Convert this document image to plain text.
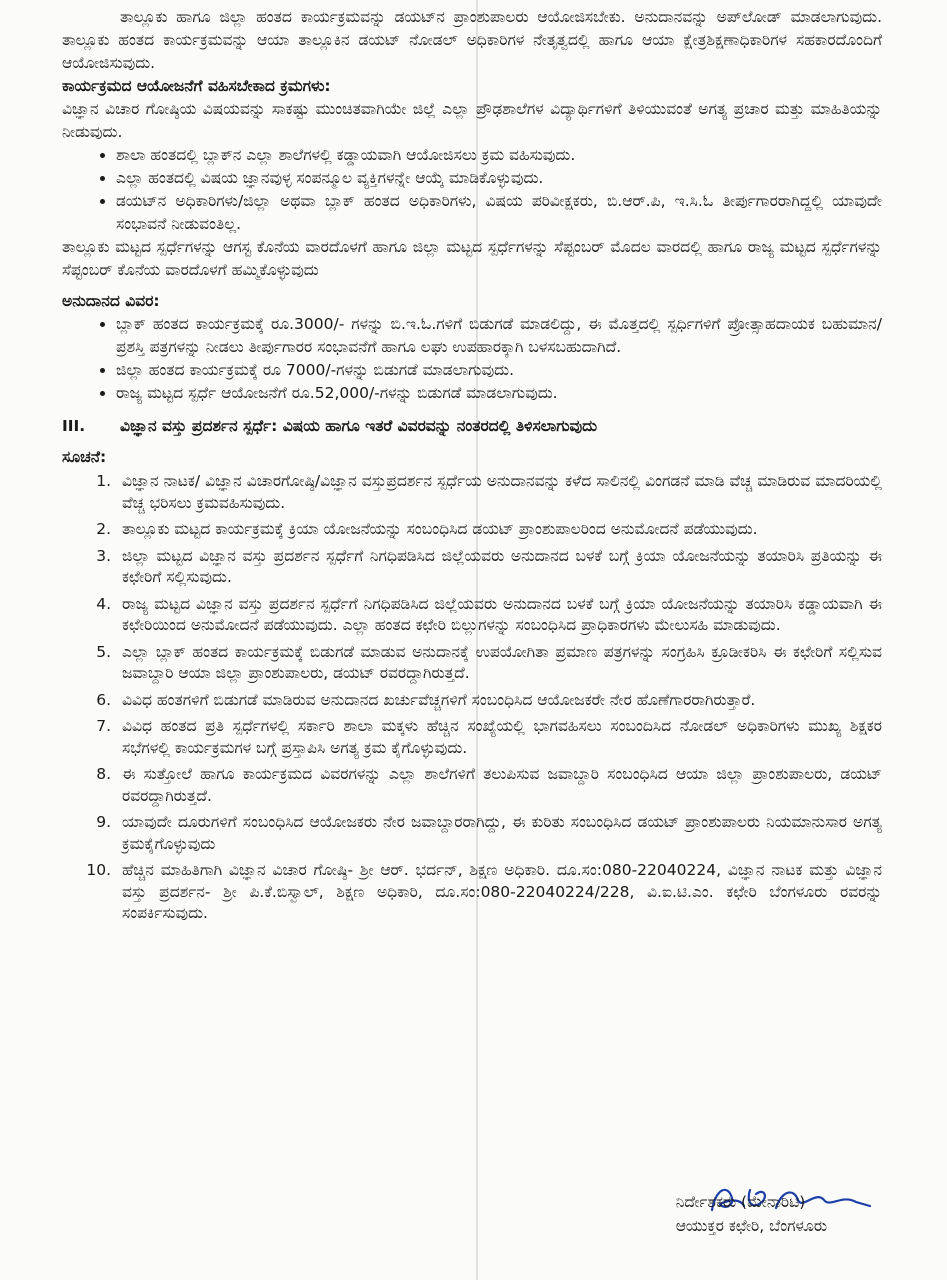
ತಾಲ್ಲೂಕು ಹಾಗೂ ಜಿಲ್ಲಾ ಹಂತದ ಕಾರ್ಯಕ್ರಮವನ್ನು ಡಯಟ್‌ನ ಪ್ರಾಂಶುಪಾಲರು ಆಯೋಜಿಸಬೇಕು. ಅನುದಾನವನ್ನು ಅಪ್‌ಲೋಡ್ ಮಾಡಲಾಗುವುದು. ತಾಲ್ಲೂಕು ಹಂತದ ಕಾರ್ಯಕ್ರಮವನ್ನು ಆಯಾ ತಾಲ್ಲೂಕಿನ ಡಯಟ್ ನೋಡಲ್ ಅಧಿಕಾರಿಗಳ ನೇತೃತ್ವದಲ್ಲಿ ಹಾಗೂ ಆಯಾ ಕ್ಷೇತ್ರಶಿಕ್ಷಣಾಧಿಕಾರಿಗಳ ಸಹಕಾರದೊಂದಿಗೆ ಆಯೋಜಿಸುವುದು.

ಕಾರ್ಯಕ್ರಮದ ಆಯೋಜನೆಗೆ ವಹಿಸಬೇಕಾದ ಕ್ರಮಗಳು:

ವಿಜ್ಞಾನ ವಿಚಾರ ಗೋಷ್ಠಿಯ ವಿಷಯವನ್ನು ಸಾಕಷ್ಟು ಮುಂಚಿತವಾಗಿಯೇ ಜಿಲ್ಲೆ ಎಲ್ಲಾ ಪ್ರೌಢಶಾಲೆಗಳ ವಿದ್ಯಾರ್ಥಿಗಳಿಗೆ ತಿಳಿಯುವಂತೆ ಅಗತ್ಯ ಪ್ರಚಾರ ಮತ್ತು ಮಾಹಿತಿಯನ್ನು ನೀಡುವುದು.

• ಶಾಲಾ ಹಂತದಲ್ಲಿ ಬ್ಲಾಕ್‌ನ ಎಲ್ಲಾ ಶಾಲೆಗಳಲ್ಲಿ ಕಡ್ಡಾಯವಾಗಿ ಆಯೋಜಿಸಲು ಕ್ರಮ ವಹಿಸುವುದು.
• ಎಲ್ಲಾ ಹಂತದಲ್ಲಿ ವಿಷಯ ಜ್ಞಾನವುಳ್ಳ ಸಂಪನ್ಮೂಲ ವ್ಯಕ್ತಿಗಳನ್ನೇ ಆಯ್ಕೆ ಮಾಡಿಕೊಳ್ಳುವುದು.
• ಡಯಟ್‌ನ ಅಧಿಕಾರಿಗಳು/ಜಿಲ್ಲಾ ಅಥವಾ ಬ್ಲಾಕ್ ಹಂತದ ಅಧಿಕಾರಿಗಳು, ವಿಷಯ ಪರಿವೀಕ್ಷಕರು, ಬಿ.ಆರ್.ಪಿ, ಇ.ಸಿ.ಓ ತೀರ್ಪುಗಾರರಾಗಿದ್ದಲ್ಲಿ ಯಾವುದೇ ಸಂಭಾವನೆ ನೀಡುವಂತಿಲ್ಲ.

ತಾಲ್ಲೂಕು ಮಟ್ಟದ ಸ್ಪರ್ಧೆಗಳನ್ನು ಆಗಸ್ಟ ಕೊನೆಯ ವಾರದೊಳಗೆ ಹಾಗೂ ಜಿಲ್ಲಾ ಮಟ್ಟದ ಸ್ಪರ್ಧೆಗಳನ್ನು ಸೆಪ್ಟಂಬರ್ ಮೊದಲ ವಾರದಲ್ಲಿ ಹಾಗೂ ರಾಜ್ಯ ಮಟ್ಟದ ಸ್ಪರ್ಧೆಗಳನ್ನು ಸೆಪ್ಟಂಬರ್ ಕೊನೆಯ ವಾರದೊಳಗೆ ಹಮ್ಮಿಕೊಳ್ಳುವುದು

ಅನುದಾನದ ವಿವರ:

• ಬ್ಲಾಕ್ ಹಂತದ ಕಾರ್ಯಕ್ರಮಕ್ಕೆ ರೂ.3000/- ಗಳನ್ನು ಬಿ.ಇ.ಓ.ಗಳಿಗೆ ಬಿಡುಗಡೆ ಮಾಡಲಿದ್ದು, ಈ ಮೊತ್ತದಲ್ಲಿ ಸ್ಪರ್ಧಿಗಳಿಗೆ ಪ್ರೋತ್ಸಾಹದಾಯಕ ಬಹುಮಾನ/ಪ್ರಶಸ್ತಿ ಪತ್ರಗಳನ್ನು ನೀಡಲು ತೀರ್ಪುಗಾರರ ಸಂಭಾವನೆಗೆ ಹಾಗೂ ಲಘು ಉಪಹಾರಕ್ಕಾಗಿ ಬಳಸಬಹುದಾಗಿದೆ.
• ಜಿಲ್ಲಾ ಹಂತದ ಕಾರ್ಯಕ್ರಮಕ್ಕೆ ರೂ 7000/-ಗಳನ್ನು ಬಿಡುಗಡೆ ಮಾಡಲಾಗುವುದು.
• ರಾಜ್ಯ ಮಟ್ಟದ ಸ್ಪರ್ಧೆ ಆಯೋಜನೆಗೆ ರೂ.52,000/-ಗಳನ್ನು ಬಿಡುಗಡೆ ಮಾಡಲಾಗುವುದು.
III.	ವಿಜ್ಞಾನ ವಸ್ತು ಪ್ರದರ್ಶನ ಸ್ಪರ್ಧೆ: ವಿಷಯ ಹಾಗೂ ಇತರೆ ವಿವರವನ್ನು ನಂತರದಲ್ಲಿ ತಿಳಿಸಲಾಗುವುದು

ಸೂಚನೆ:

1. ವಿಜ್ಞಾನ ನಾಟಕ/ ವಿಜ್ಞಾನ ವಿಚಾರಗೋಷ್ಠಿ/ವಿಜ್ಞಾನ ವಸ್ತುಪ್ರದರ್ಶನ ಸ್ಪರ್ಧೆಯ ಅನುದಾನವನ್ನು ಕಳೆದ ಸಾಲಿನಲ್ಲಿ ವಿಂಗಡನೆ ಮಾಡಿ ವೆಚ್ಚ ಮಾಡಿರುವ ಮಾದರಿಯಲ್ಲಿ ವೆಚ್ಚ ಭರಿಸಲು ಕ್ರಮವಹಿಸುವುದು.
2. ತಾಲ್ಲೂಕು ಮಟ್ಟದ ಕಾರ್ಯಕ್ರಮಕ್ಕೆ ಕ್ರಿಯಾ ಯೋಜನೆಯನ್ನು ಸಂಬಂಧಿಸಿದ ಡಯಟ್ ಪ್ರಾಂಶುಪಾಲರಿಂದ ಅನುಮೋದನೆ ಪಡೆಯುವುದು.
3. ಜಿಲ್ಲಾ ಮಟ್ಟದ ವಿಜ್ಞಾನ ವಸ್ತು ಪ್ರದರ್ಶನ ಸ್ಪರ್ಧೆಗೆ ನಿಗಧಿಪಡಿಸಿದ ಜಿಲ್ಲೆಯವರು ಅನುದಾನದ ಬಳಕೆ ಬಗ್ಗೆ ಕ್ರಿಯಾ ಯೋಜನೆಯನ್ನು ತಯಾರಿಸಿ ಪ್ರತಿಯನ್ನು ಈ ಕಛೇರಿಗೆ ಸಲ್ಲಿಸುವುದು.
4. ರಾಜ್ಯ ಮಟ್ಟದ ವಿಜ್ಞಾನ ವಸ್ತು ಪ್ರದರ್ಶನ ಸ್ಪರ್ಧೆಗೆ ನಿಗಧಿಪಡಿಸಿದ ಜಿಲ್ಲೆಯವರು ಅನುದಾನದ ಬಳಕೆ ಬಗ್ಗೆ ಕ್ರಿಯಾ ಯೋಜನೆಯನ್ನು ತಯಾರಿಸಿ ಕಡ್ಡಾಯವಾಗಿ ಈ ಕಛೇರಿಯಿಂದ ಅನುಮೋದನೆ ಪಡೆಯುವುದು. ಎಲ್ಲಾ ಹಂತದ ಕಛೇರಿ ಬಿಲ್ಲುಗಳನ್ನು ಸಂಬಂಧಿಸಿದ ಪ್ರಾಧಿಕಾರಗಳು ಮೇಲುಸಹಿ ಮಾಡುವುದು.
5. ಎಲ್ಲಾ ಬ್ಲಾಕ್ ಹಂತದ ಕಾರ್ಯಕ್ರಮಕ್ಕೆ ಬಿಡುಗಡೆ ಮಾಡುವ ಅನುದಾನಕ್ಕೆ ಉಪಯೋಗಿತಾ ಪ್ರಮಾಣ ಪತ್ರಗಳನ್ನು ಸಂಗ್ರಹಿಸಿ ಕ್ರೂಡೀಕರಿಸಿ ಈ ಕಛೇರಿಗೆ ಸಲ್ಲಿಸುವ ಜವಾಬ್ದಾರಿ ಆಯಾ ಜಿಲ್ಲಾ ಪ್ರಾಂಶುಪಾಲರು, ಡಯಟ್ ರವರದ್ದಾಗಿರುತ್ತದೆ.
6. ವಿವಿಧ ಹಂತಗಳಿಗೆ ಬಿಡುಗಡೆ ಮಾಡಿರುವ ಅನುದಾನದ ಖರ್ಚುವೆಚ್ಚಗಳಿಗೆ ಸಂಬಂಧಿಸಿದ ಆಯೋಜಕರೇ ನೇರ ಹೊಣೆಗಾರರಾಗಿರುತ್ತಾರೆ.
7. ವಿವಿಧ ಹಂತದ ಪ್ರತಿ ಸ್ಪರ್ಧೆಗಳಲ್ಲಿ ಸರ್ಕಾರಿ ಶಾಲಾ ಮಕ್ಕಳು ಹೆಚ್ಚಿನ ಸಂಖ್ಯೆಯಲ್ಲಿ ಭಾಗವಹಿಸಲು ಸಂಬಂದಿಸಿದ ನೋಡಲ್ ಅಧಿಕಾರಿಗಳು ಮುಖ್ಯ ಶಿಕ್ಷಕರ ಸಭೆಗಳಲ್ಲಿ ಕಾರ್ಯಕ್ರಮಗಳ ಬಗ್ಗೆ ಪ್ರಸ್ತಾಪಿಸಿ ಅಗತ್ಯ ಕ್ರಮ ಕೈಗೊಳ್ಳುವುದು.
8. ಈ ಸುತ್ತೋಲೆ ಹಾಗೂ ಕಾರ್ಯಕ್ರಮದ ವಿವರಗಳನ್ನು ಎಲ್ಲಾ ಶಾಲೆಗಳಿಗೆ ತಲುಪಿಸುವ ಜವಾಬ್ದಾರಿ ಸಂಬಂಧಿಸಿದ ಆಯಾ ಜಿಲ್ಲಾ ಪ್ರಾಂಶುಪಾಲರು, ಡಯಟ್ ರವರದ್ದಾಗಿರುತ್ತದೆ.
9. ಯಾವುದೇ ದೂರುಗಳಿಗೆ ಸಂಬಂಧಿಸಿದ ಆಯೋಜಕರು ನೇರ ಜವಾಬ್ದಾರರಾಗಿದ್ದು, ಈ ಕುರಿತು ಸಂಬಂಧಿಸಿದ ಡಯಟ್ ಪ್ರಾಂಶುಪಾಲರು ನಿಯಮಾನುಸಾರ ಅಗತ್ಯ ಕ್ರಮಕೈಗೊಳ್ಳುವುದು
10. ಹೆಚ್ಚಿನ ಮಾಹಿತಿಗಾಗಿ ವಿಜ್ಞಾನ ವಿಚಾರ ಗೋಷ್ಠಿ- ಶ್ರೀ ಆರ್. ಭರ್ದನ್, ಶಿಕ್ಷಣ ಅಧಿಕಾರಿ. ದೂ.ಸಂ:080-22040224, ವಿಜ್ಞಾನ ನಾಟಕ ಮತ್ತು ವಿಜ್ಞಾನ ವಸ್ತು ಪ್ರದರ್ಶನ- ಶ್ರೀ ಪಿ.ಕೆ.ಬಿಸ್ವಾಲ್, ಶಿಕ್ಷಣ ಅಧಿಕಾರಿ, ದೂ.ಸಂ:080-22040224/228, ವಿ.ಐ.ಟಿ.ಎಂ. ಕಛೇರಿ ಬೆಂಗಳೂರು ರವರನ್ನು ಸಂಪರ್ಕಿಸುವುದು.
ನಿರ್ದೇಶಕರು (ಮೇನಾರಿಟಿ)
ಆಯುಕ್ತರ ಕಛೇರಿ, ಬೆಂಗಳೂರು
